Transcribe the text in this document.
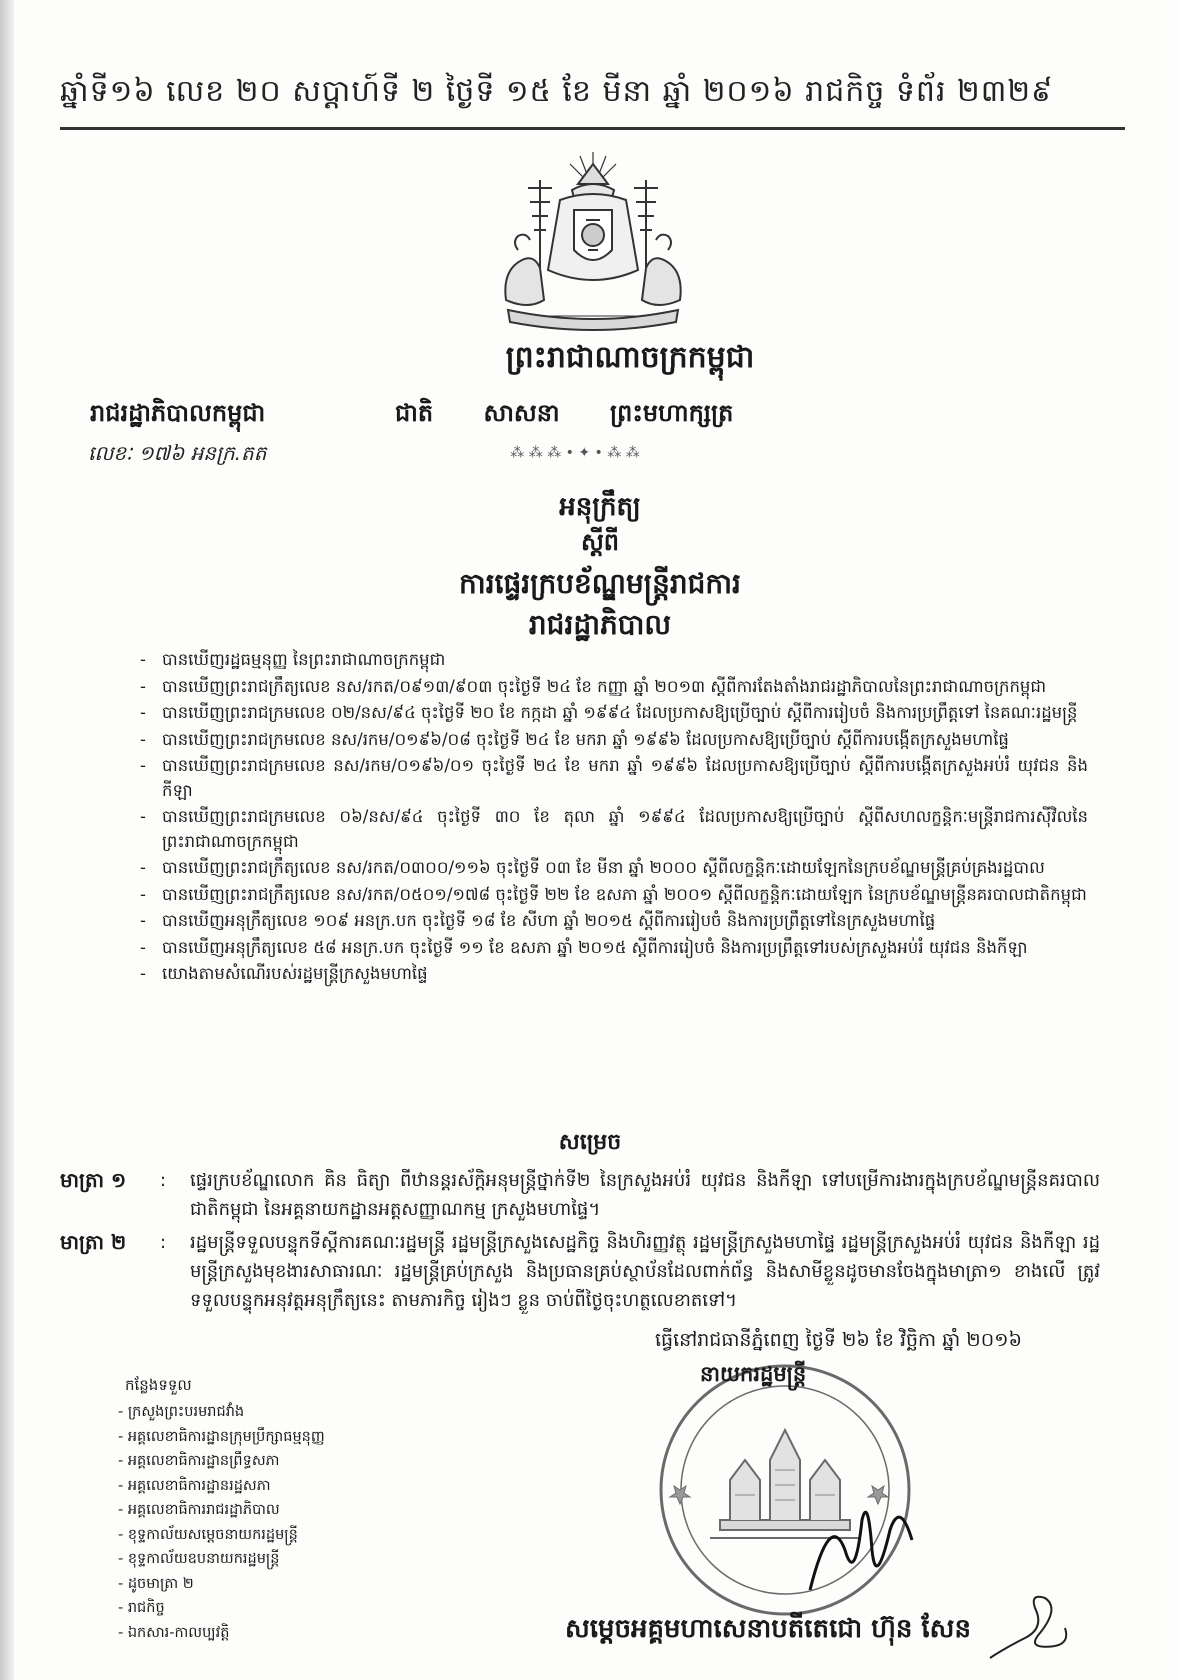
ឆ្នាំទី១៦ លេខ ២០ សប្តាហ៍ទី ២ ថ្ងៃទី ១៥ ខែ មីនា ឆ្នាំ ២០១៦ រាជកិច្ច ទំព័រ ២៣២៩
ព្រះរាជាណាចក្រកម្ពុជា
ជាតិ សាសនា ព្រះមហាក្សត្រ
⁂ ⁂ ⁂ • ✦ • ⁂ ⁂
រាជរដ្ឋាភិបាលកម្ពុជា
លេខៈ ១៧៦ អនក្រ.តត
អនុក្រឹត្យ
ស្តីពី
ការផ្ទេរក្របខ័ណ្ឌមន្ត្រីរាជការ
រាជរដ្ឋាភិបាល
- បានឃើញរដ្ឋធម្មនុញ្ញ នៃព្រះរាជាណាចក្រកម្ពុជា
- បានឃើញព្រះរាជក្រឹត្យលេខ នស/រកត/០៩១៣/៩០៣ ចុះថ្ងៃទី ២៤ ខែ កញ្ញា ឆ្នាំ ២០១៣ ស្តីពីការតែងតាំងរាជរដ្ឋាភិបាលនៃព្រះរាជាណាចក្រកម្ពុជា
- បានឃើញព្រះរាជក្រមលេខ ០២/នស/៩៤ ចុះថ្ងៃទី ២០ ខែ កក្កដា ឆ្នាំ ១៩៩៤ ដែលប្រកាសឱ្យប្រើច្បាប់ ស្តីពីការរៀបចំ និងការប្រព្រឹត្តទៅ នៃគណៈរដ្ឋមន្ត្រី
- បានឃើញព្រះរាជក្រមលេខ នស/រកម/០១៩៦/០៨ ចុះថ្ងៃទី ២៤ ខែ មករា ឆ្នាំ ១៩៩៦ ដែលប្រកាសឱ្យប្រើច្បាប់ ស្តីពីការបង្កើតក្រសួងមហាផ្ទៃ
- បានឃើញព្រះរាជក្រមលេខ នស/រកម/០១៩៦/០១ ចុះថ្ងៃទី ២៤ ខែ មករា ឆ្នាំ ១៩៩៦ ដែលប្រកាសឱ្យប្រើច្បាប់ ស្តីពីការបង្កើតក្រសួងអប់រំ យុវជន និងកីឡា
- បានឃើញព្រះរាជក្រមលេខ ០៦/នស/៩៤ ចុះថ្ងៃទី ៣០ ខែ តុលា ឆ្នាំ ១៩៩៤ ដែលប្រកាសឱ្យប្រើច្បាប់ ស្តីពីសហលក្ខន្តិកៈមន្ត្រីរាជការស៊ីវិលនៃព្រះរាជាណាចក្រកម្ពុជា
- បានឃើញព្រះរាជក្រឹត្យលេខ នស/រកត/០៣០០/១១៦ ចុះថ្ងៃទី ០៣ ខែ មីនា ឆ្នាំ ២០០០ ស្តីពីលក្ខន្តិកៈដោយឡែកនៃក្របខ័ណ្ឌមន្ត្រីគ្រប់គ្រងរដ្ឋបាល
- បានឃើញព្រះរាជក្រឹត្យលេខ នស/រកត/០៥០១/១៧៨ ចុះថ្ងៃទី ២២ ខែ ឧសភា ឆ្នាំ ២០០១ ស្តីពីលក្ខន្តិកៈដោយឡែក នៃក្របខ័ណ្ឌមន្ត្រីនគរបាលជាតិកម្ពុជា
- បានឃើញអនុក្រឹត្យលេខ ១០៩ អនក្រ.បក ចុះថ្ងៃទី ១៨ ខែ សីហា ឆ្នាំ ២០១៥ ស្តីពីការរៀបចំ និងការប្រព្រឹត្តទៅនៃក្រសួងមហាផ្ទៃ
- បានឃើញអនុក្រឹត្យលេខ ៥៨ អនក្រ.បក ចុះថ្ងៃទី ១១ ខែ ឧសភា ឆ្នាំ ២០១៥ ស្តីពីការរៀបចំ និងការប្រព្រឹត្តទៅរបស់ក្រសួងអប់រំ យុវជន និងកីឡា
- យោងតាមសំណើរបស់រដ្ឋមន្ត្រីក្រសួងមហាផ្ទៃ
សម្រេច
មាត្រា ១	: ផ្ទេរក្របខ័ណ្ឌលោក គិន ធិត្យា ពីឋានន្តរស័ក្តិអនុមន្ត្រីថ្នាក់ទី២ នៃក្រសួងអប់រំ យុវជន និងកីឡា ទៅបម្រើការងារក្នុងក្របខ័ណ្ឌមន្ត្រីនគរបាលជាតិកម្ពុជា នៃអគ្គនាយកដ្ឋានអត្តសញ្ញាណកម្ម ក្រសួងមហាផ្ទៃ។
មាត្រា ២	: រដ្ឋមន្ត្រីទទួលបន្ទុកទីស្តីការគណៈរដ្ឋមន្ត្រី រដ្ឋមន្ត្រីក្រសួងសេដ្ឋកិច្ច និងហិរញ្ញវត្ថុ រដ្ឋមន្ត្រីក្រសួងមហាផ្ទៃ រដ្ឋមន្ត្រីក្រសួងអប់រំ យុវជន និងកីឡា រដ្ឋមន្ត្រីក្រសួងមុខងារសាធារណៈ រដ្ឋមន្ត្រីគ្រប់ក្រសួង និងប្រធានគ្រប់ស្ថាប័នដែលពាក់ព័ន្ធ និងសាមីខ្លួនដូចមានចែងក្នុងមាត្រា១ ខាងលើ ត្រូវទទួលបន្ទុកអនុវត្តអនុក្រឹត្យនេះ តាមភារកិច្ច រៀងៗ ខ្លួន ចាប់ពីថ្ងៃចុះហត្ថលេខាតទៅ។
កន្លែងទទួល
- ក្រសួងព្រះបរមរាជវាំង
- អគ្គលេខាធិការដ្ឋានក្រុមប្រឹក្សាធម្មនុញ្ញ
- អគ្គលេខាធិការដ្ឋានព្រឹទ្ធសភា
- អគ្គលេខាធិការដ្ឋានរដ្ឋសភា
- អគ្គលេខាធិការរាជរដ្ឋាភិបាល
- ខុទ្ទកាល័យសម្តេចនាយករដ្ឋមន្ត្រី
- ខុទ្ទកាល័យឧបនាយករដ្ឋមន្ត្រី
- ដូចមាត្រា ២
- រាជកិច្ច
- ឯកសារ-កាលប្បវត្តិ
ធ្វើនៅរាជធានីភ្នំពេញ ថ្ងៃទី ២៦ ខែ វិច្ឆិកា ឆ្នាំ ២០១៦
នាយករដ្ឋមន្ត្រី
សម្តេចអគ្គមហាសេនាបតីតេជោ ហ៊ុន សែន
